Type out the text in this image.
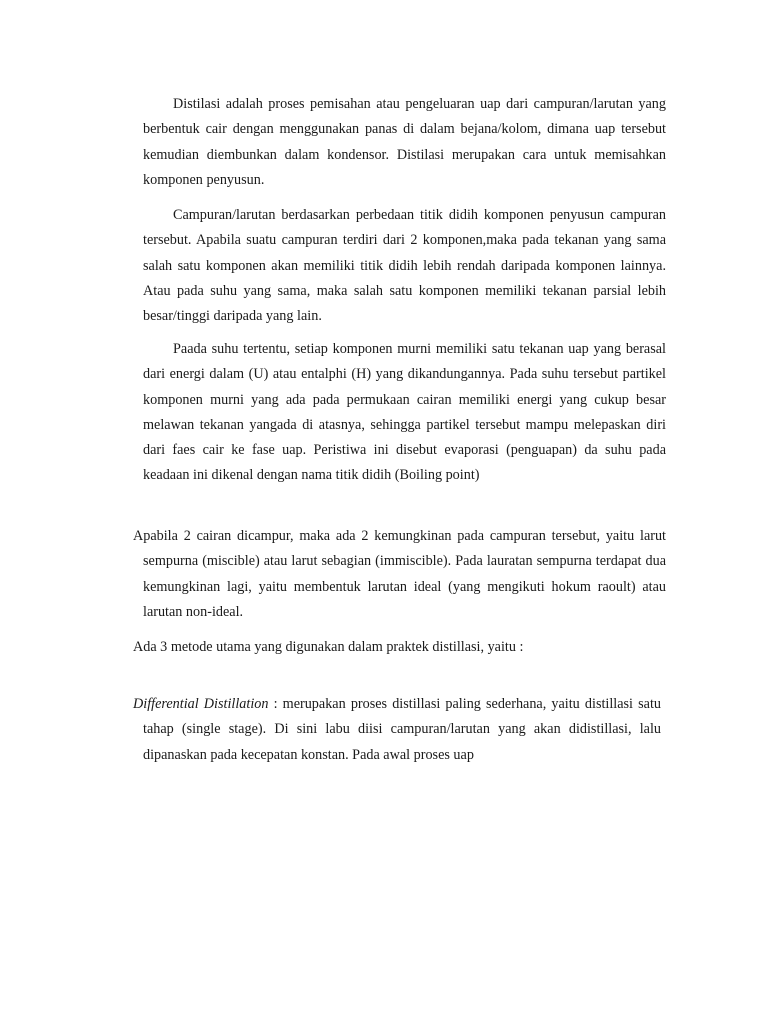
Distilasi adalah proses pemisahan atau pengeluaran uap dari campuran/larutan yang berbentuk cair dengan menggunakan panas di dalam bejana/kolom, dimana uap tersebut kemudian diembunkan dalam kondensor. Distilasi merupakan cara untuk memisahkan komponen penyusun.

Campuran/larutan berdasarkan perbedaan titik didih komponen penyusun campuran tersebut. Apabila suatu campuran terdiri dari 2 komponen,maka pada tekanan yang sama salah satu komponen akan memiliki titik didih lebih rendah daripada komponen lainnya. Atau pada suhu yang sama, maka salah satu komponen memiliki tekanan parsial lebih besar/tinggi daripada yang lain.

Paada suhu tertentu, setiap komponen murni memiliki satu tekanan uap yang berasal dari energi dalam (U) atau entalphi (H) yang dikandungannya. Pada suhu tersebut partikel komponen murni yang ada pada permukaan cairan memiliki energi yang cukup besar melawan tekanan yangada di atasnya, sehingga partikel tersebut mampu melepaskan diri dari faes cair ke fase uap. Peristiwa ini disebut evaporasi (penguapan) da suhu pada keadaan ini dikenal dengan nama titik didih (Boiling point)

Apabila 2 cairan dicampur, maka ada 2 kemungkinan pada campuran tersebut, yaitu larut sempurna (miscible) atau larut sebagian (immiscible). Pada lauratan sempurna terdapat dua kemungkinan lagi, yaitu membentuk larutan ideal (yang mengikuti hokum raoult) atau larutan non-ideal.

Ada 3 metode utama yang digunakan dalam praktek distillasi, yaitu :

Differential Distillation : merupakan proses distillasi paling sederhana, yaitu distillasi satu tahap (single stage). Di sini labu diisi campuran/larutan yang akan didistillasi, lalu dipanaskan pada kecepatan konstan. Pada awal proses uap
